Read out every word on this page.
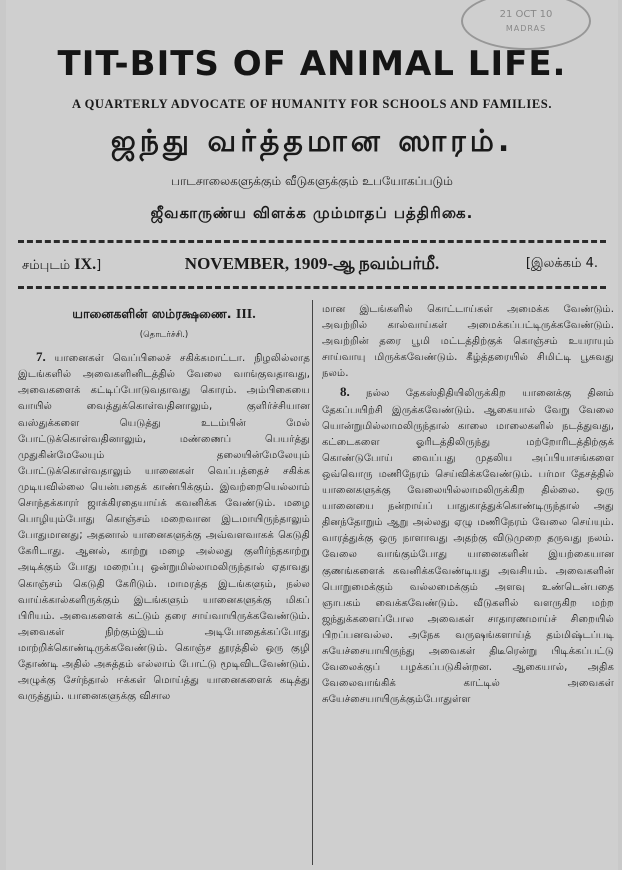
21 OCT 10
MADRAS
TIT-BITS OF ANIMAL LIFE.
A QUARTERLY ADVOCATE OF HUMANITY FOR SCHOOLS AND FAMILIES.
ஜந்து வர்த்தமான ஸாரம்.
பாடசாலைகளுக்கும் வீடுகளுக்கும் உபயோகப்படும்
ஜீவகாருண்ய விளக்க மும்மாதப் பத்திரிகை.
சம்புடம் IX.]	NOVEMBER, 1909-ஆ நவம்பர்மீ.	[இலக்கம் 4.
யானைகளின் ஸம்ரக்ஷணை. III.
(தொடர்ச்சி.)

7. யானைகள் வெப்பிலைச் சகிக்கமாட்டா. நிழலில்லாத இடங்களில் அவைகளினிடத்தில் வேலை வாங்குவதாவது, அவைகளைக் கட்டிப்போடுவதாவது கொரம். அம்பிகையை வாயில் வைத்துக்கொள்வதினாலும், குளிர்ச்சியான வஸ்துக்களை யெடுத்து உடம்பின் மேல் போட்டுக்கொள்வதினாலும், மண்ணைப் பெயர்த்து முதுகின்மேலேயும் தலையின்மேலேயும் போட்டுக்கொள்வதாலும் யானைகள் வெப்பத்தைச் சகிக்க முடியவில்லை யென்பதைக் காண்பிக்கும். இவற்றையெல்லாம் சொந்தக்காரர் ஜாக்கிரதையாய்க் கவனிக்க வேண்டும். மழை பொழியும்போது கொஞ்சம் மறைவான இடமாயிருந்தாலும் போதுமானது; அதனால் யானைகளுக்கு அவ்வளவாகக் கெடுதி கேரிடாது. ஆனல், காற்று மழை அல்லது குளிர்ந்தகாற்று அடிக்கும் போது மறைப்பு ஒன்றுமில்லாமலிருந்தால் ஏதாவது கொஞ்சம் கெடுதி கேரிடும். மாமரத்த இடங்களும், நல்ல வாய்க்கால்களிருக்கும் இடங்களும் யானைகளுக்கு மிகப் பிரியம். அவைகளைக் கட்டும் தரை சாய்வாயிருக்கவேண்டும். அவைகள் நிற்கும்இடம் அடிபோதைக்கப்போது மாற்றிக்கொண்டிருக்கவேண்டும். கொஞ்ச தூரத்தில் ஒரு குழி தோண்டி அதில் அசுத்தம் எல்லாம் போட்டு மூடிவிடவேண்டும். அழுக்கு சேர்ந்தால் ஈக்கள் மொய்த்து யானைகளைக் கடித்து வருத்தும். யானைகளுக்கு விசால

மான இடங்களில் கொட்டாய்கள் அமைக்க வேண்டும். அவற்றில் கால்வாய்கள் அமைக்கப்பட்டிருக்கவேண்டும். அவற்றின் தரை பூமி மட்டத்திற்குக் கொஞ்சம் உயராயும் சாய்வாயு மிருக்கவேண்டும். கீழ்த்தரையில் சிமிட்டி பூசுவது நலம்.

8. நல்ல தேகஸ்திதியிலிருக்கிற யானைக்கு தினம் தேகப்பயிற்சி இருக்கவேண்டும். ஆகையால் வேறு வேலை யொன்றுமில்லாமலிருந்தால் காலை மாலைகளில் நடத்துவது, கட்டைகளை ஓரிடத்திலிருந்து மற்றோரிடத்திற்குக் கொண்டுபோய் வைப்பது முதலிய அப்பியாசங்களை ஒவ்வொரு மணிநேரம் செய்விக்கவேண்டும். பர்மா தேசத்தில் யானைகளுக்கு வேலையில்லாமலிருக்கிற தில்லை. ஒரு யானையை நன்றாய்ப் பாதுகாத்துக்கொண்டிருந்தால் அது தினந்தோறும் ஆறு அல்லது ஏழு மணிநேரம் வேலை செய்யும். வாரத்துக்கு ஒரு நாளாவது அதற்கு விடுமுறை தருவது நலம். வேலை வாங்கும்போது யானைகளின் இயற்கையான குணங்களைக் கவனிக்கவேண்டியது அவசியம். அவைகளின் பொறுமைக்கும் வல்லமைக்கும் அளவு உண்டென்பதை ஞாபகம் வைக்கவேண்டும். வீடுகளில் வளருகிற மற்ற ஜந்துக்களைப்போல அவைகள் சாதாரணமாய்ச் சிறையில் பிறப்பனவல்ல. அநேக வருஷங்களாய்த் தம்மிஷ்டப்படி சுயேச்சையாயிருந்து அவைகள் திடீரென்று பிடிக்கப்பட்டு வேலைக்குப் பழக்கப்படுகின்றன. ஆகையால், அதிக வேலைவாங்கிக் காட்டில் அவைகள் சுயேச்சையாயிருக்கும்போதுள்ள
